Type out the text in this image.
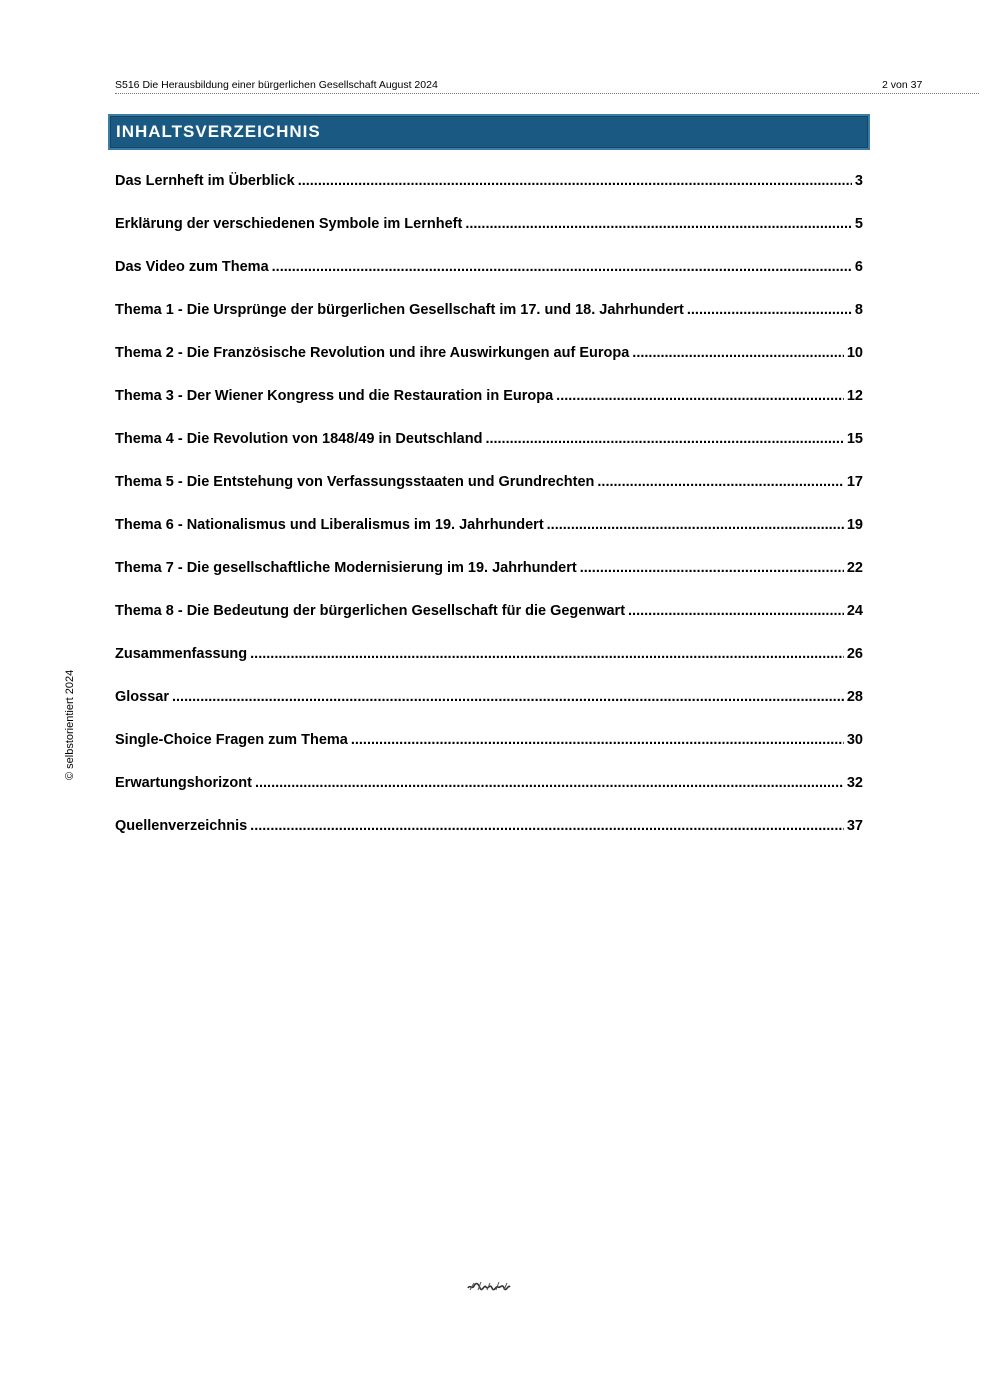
S516 Die Herausbildung einer bürgerlichen Gesellschaft August 2024	2 von 37
INHALTSVERZEICHNIS
Das Lernheft im Überblick .....	3
Erklärung der verschiedenen Symbole im Lernheft .....	5
Das Video zum Thema .....	6
Thema 1 - Die Ursprünge der bürgerlichen Gesellschaft im 17. und 18. Jahrhundert .....	8
Thema 2 - Die Französische Revolution und ihre Auswirkungen auf Europa .....	10
Thema 3 - Der Wiener Kongress und die Restauration in Europa .....	12
Thema 4 - Die Revolution von 1848/49 in Deutschland .....	15
Thema 5 - Die Entstehung von Verfassungsstaaten und Grundrechten .....	17
Thema 6 - Nationalismus und Liberalismus im 19. Jahrhundert .....	19
Thema 7 - Die gesellschaftliche Modernisierung im 19. Jahrhundert .....	22
Thema 8 - Die Bedeutung der bürgerlichen Gesellschaft für die Gegenwart .....	24
Zusammenfassung .....	26
Glossar .....	28
Single-Choice Fragen zum Thema .....	30
Erwartungshorizont .....	32
Quellenverzeichnis .....	37
© selbstorientiert 2024
